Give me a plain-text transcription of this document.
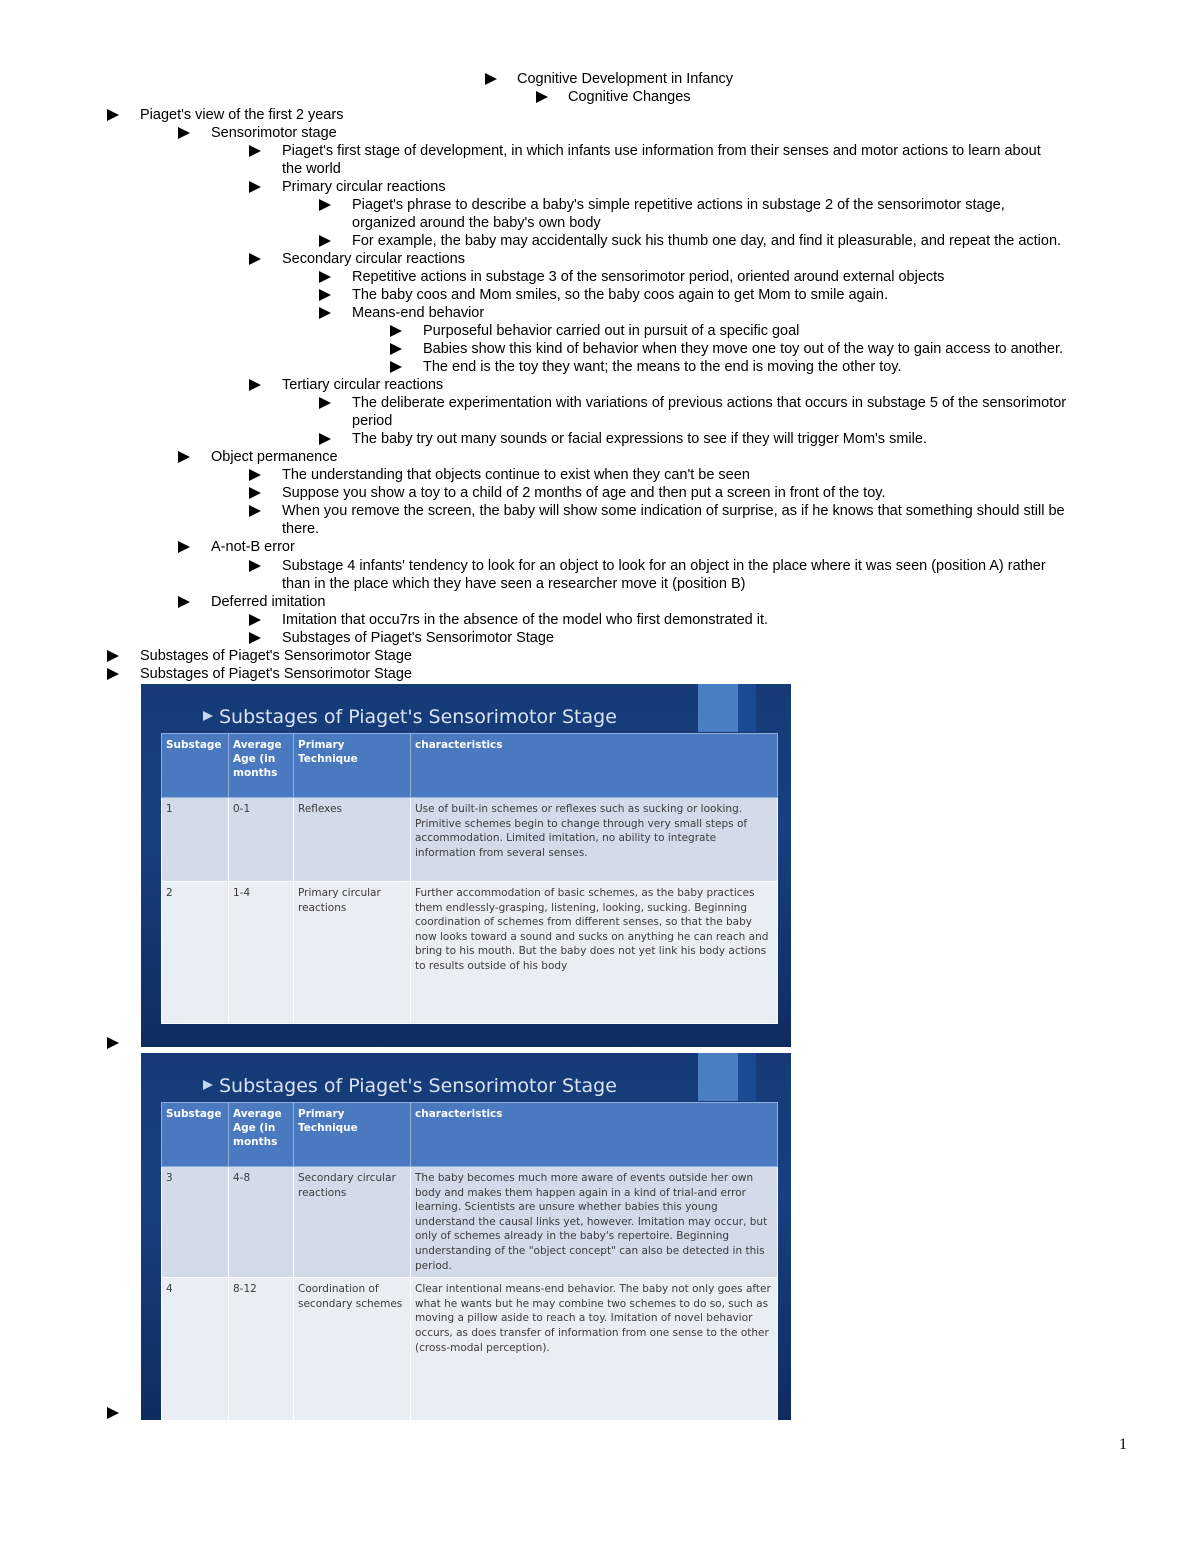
Cognitive Development in Infancy
Cognitive Changes
Piaget's view of the first 2 years
Sensorimotor stage
Piaget's first stage of development, in which infants use information from their senses and motor actions to learn about
the world
Primary circular reactions
Piaget's phrase to describe a baby's simple repetitive actions in substage 2 of the sensorimotor stage,
organized around the baby's own body
For example, the baby may accidentally suck his thumb one day, and find it pleasurable, and repeat the action.
Secondary circular reactions
Repetitive actions in substage 3 of the sensorimotor period, oriented around external objects
The baby coos and Mom smiles, so the baby coos again to get Mom to smile again.
Means-end behavior
Purposeful behavior carried out in pursuit of a specific goal
Babies show this kind of behavior when they move one toy out of the way to gain access to another.
The end is the toy they want; the means to the end is moving the other toy.
Tertiary circular reactions
The deliberate experimentation with variations of previous actions that occurs in substage 5 of the sensorimotor
period
The baby try out many sounds or facial expressions to see if they will trigger Mom's smile.
Object permanence
The understanding that objects continue to exist when they can't be seen
Suppose you show a toy to a child of 2 months of age and then put a screen in front of the toy.
When you remove the screen, the baby will show some indication of surprise, as if he knows that something should still be
there.
A-not-B error
Substage 4 infants' tendency to look for an object to look for an object in the place where it was seen (position A) rather
than in the place which they have seen a researcher move it (position B)
Deferred imitation
Imitation that occu7rs in the absence of the model who first demonstrated it.
Substages of Piaget's Sensorimotor Stage
Substages of Piaget's Sensorimotor Stage
Substages of Piaget's Sensorimotor Stage
Substages of Piaget's Sensorimotor Stage
Substage	Average Age (in months	Primary Technique	characteristics
1	0-1	Reflexes	Use of built-in schemes or reflexes such as sucking or looking. Primitive schemes begin to change through very small steps of accommodation. Limited imitation, no ability to integrate information from several senses.
2	1-4	Primary circular reactions	Further accommodation of basic schemes, as the baby practices them endlessly-grasping, listening, looking, sucking. Beginning coordination of schemes from different senses, so that the baby now looks toward a sound and sucks on anything he can reach and bring to his mouth. But the baby does not yet link his body actions to results outside of his body
Substages of Piaget's Sensorimotor Stage
Substage	Average Age (in months	Primary Technique	characteristics
3	4-8	Secondary circular reactions	The baby becomes much more aware of events outside her own body and makes them happen again in a kind of trial-and error learning. Scientists are unsure whether babies this young understand the causal links yet, however. Imitation may occur, but only of schemes already in the baby's repertoire. Beginning understanding of the "object concept" can also be detected in this period.
4	8-12	Coordination of secondary schemes	Clear intentional means-end behavior. The baby not only goes after what he wants but he may combine two schemes to do so, such as moving a pillow aside to reach a toy. Imitation of novel behavior occurs, as does transfer of information from one sense to the other (cross-modal perception).
1
